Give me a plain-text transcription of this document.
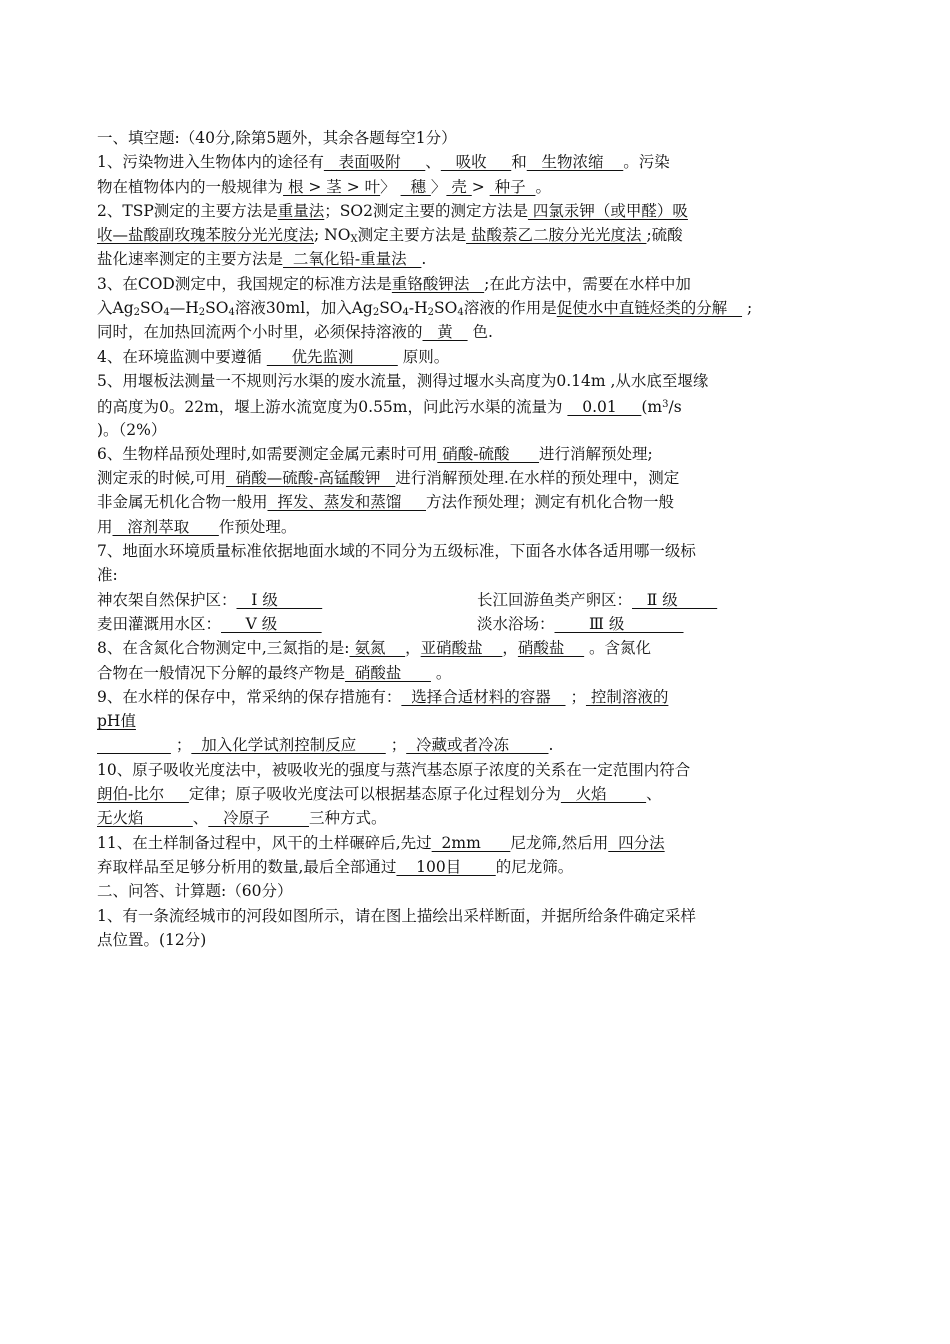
一、填空题:（40分,除第5题外，其余各题每空1分）
1、污染物进入生物体内的途径有   表面吸附     、   吸收     和   生物浓缩    。污染
物在植物体内的一般规律为 根 > 茎 > 叶〉   穗 〉 壳 >  种子  。
2、TSP测定的主要方法是重量法；SO2测定主要的测定方法是 四氯汞钾（或甲醛）吸
收—盐酸副玫瑰苯胺分光光度法; $NO_X$测定主要方法是 盐酸萘乙二胺分光光度法 ;硫酸
盐化速率测定的主要方法是  二氧化铅-重量法   .
3、在COD测定中，我国规定的标准方法是重铬酸钾法   ;在此方法中，需要在水样中加
入$Ag_2SO_4—H_2SO_4$溶液30ml，加入$Ag_2SO_4-H_2SO_4$溶液的作用是促使水中直链烃类的分解    ;
同时，在加热回流两个小时里，必须保持溶液的   黄    色.
4、在环境监测中要遵循      优先监测          原则。
5、用堰板法测量一不规则污水渠的废水流量，测得过堰水头高度为0.14m ,从水底至堰缘
的高度为0。22m，堰上游水流宽度为0.55m，问此污水渠的流量为    0.01     ($m^3/s$
)。（2%）
6、生物样品预处理时,如需要测定金属元素时可用 硝酸-硫酸      进行消解预处理;
测定汞的时候,可用  硝酸—硫酸-高锰酸钾   进行消解预处理.在水样的预处理中，测定
非金属无机化合物一般用  挥发、蒸发和蒸馏     方法作预处理；测定有机化合物一般
用   溶剂萃取      作预处理。
7、地面水环境质量标准依据地面水域的不同分为五级标准，下面各水体各适用哪一级标
准:
神农架自然保护区：   Ⅰ 级	长江回游鱼类产卵区：   Ⅱ 级
麦田灌溉用水区：     Ⅴ 级	淡水浴场：       Ⅲ 级
8、在含氮化合物测定中,三氮指的是: 氨氮    ，亚硝酸盐    ，硝酸盐     。含氮化
合物在一般情况下分解的最终产物是  硝酸盐       。
9、在水样的保存中，常采纳的保存措施有：  选择合适材料的容器    ； 控制溶液的
pH值
；  加入化学试剂控制反应       ；  冷藏或者冷冻        .
10、原子吸收光度法中，被吸收光的强度与蒸汽基态原子浓度的关系在一定范围内符合
朗伯-比尔     定律；原子吸收光度法可以根据基态原子化过程划分为   火焰        、
无火焰          、   冷原子        三种方式。
11、在土样制备过程中，风干的土样碾碎后,先过  2mm      尼龙筛,然后用  四分法
弃取样品至足够分析用的数量,最后全部通过    100目       的尼龙筛。
二、问答、计算题:（60分）
1、有一条流经城市的河段如图所示，请在图上描绘出采样断面，并据所给条件确定采样
点位置。(12分)
